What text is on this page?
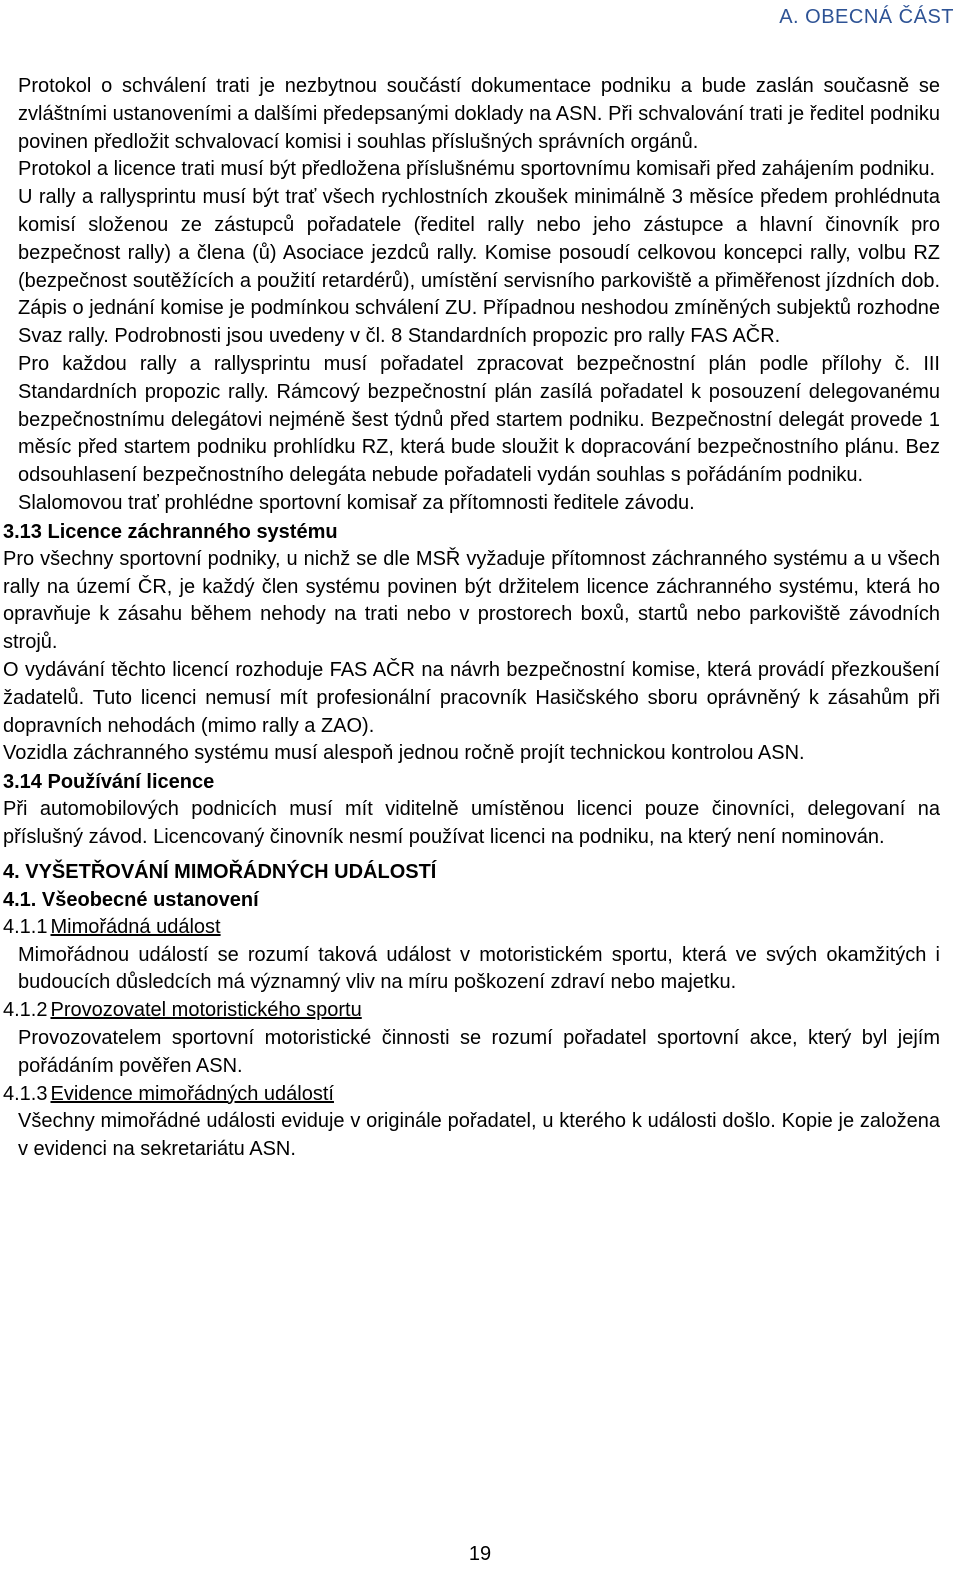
A. OBECNÁ ČÁST

Protokol o schválení trati je nezbytnou součástí dokumentace podniku a bude zaslán současně se zvláštními ustanoveními a dalšími předepsanými doklady na ASN. Při schvalování trati je ředitel podniku povinen předložit schvalovací komisi i souhlas příslušných správních orgánů.

Protokol a licence trati musí být předložena příslušnému sportovnímu komisaři před zahájením podniku.

U rally a rallysprintu musí být trať všech rychlostních zkoušek minimálně 3 měsíce předem prohlédnuta komisí složenou ze zástupců pořadatele (ředitel rally nebo jeho zástupce a hlavní činovník pro bezpečnost rally) a člena (ů) Asociace jezdců rally. Komise posoudí celkovou koncepci rally, volbu RZ (bezpečnost soutěžících a použití retardérů), umístění servisního parkoviště a přiměřenost jízdních dob. Zápis o jednání komise je podmínkou schválení ZU. Případnou neshodou zmíněných subjektů rozhodne Svaz rally. Podrobnosti jsou uvedeny v čl. 8 Standardních propozic pro rally FAS AČR.

Pro každou rally a rallysprintu musí pořadatel zpracovat bezpečnostní plán podle přílohy č. III Standardních propozic rally. Rámcový bezpečnostní plán zasílá pořadatel k posouzení delegovanému bezpečnostnímu delegátovi nejméně šest týdnů před startem podniku. Bezpečnostní delegát provede 1 měsíc před startem podniku prohlídku RZ, která bude sloužit k dopracování bezpečnostního plánu. Bez odsouhlasení bezpečnostního delegáta nebude pořadateli vydán souhlas s pořádáním podniku.

Slalomovou trať prohlédne sportovní komisař za přítomnosti ředitele závodu.

3.13 Licence záchranného systému

Pro všechny sportovní podniky, u nichž se dle MSŘ vyžaduje přítomnost záchranného systému a u všech rally na území ČR, je každý člen systému povinen být držitelem licence záchranného systému, která ho opravňuje k zásahu během nehody na trati nebo v prostorech boxů, startů nebo parkoviště závodních strojů.

O vydávání těchto licencí rozhoduje FAS AČR na návrh bezpečnostní komise, která provádí přezkoušení žadatelů. Tuto licenci nemusí mít profesionální pracovník Hasičského sboru oprávněný k zásahům při dopravních nehodách (mimo rally a ZAO).

Vozidla záchranného systému musí alespoň jednou ročně projít technickou kontrolou ASN.

3.14 Používání licence

Při automobilových podnicích musí mít viditelně umístěnou licenci pouze činovníci, delegovaní na příslušný závod. Licencovaný činovník nesmí používat licenci na podniku, na který není nominován.

4. VYŠETŘOVÁNÍ MIMOŘÁDNÝCH UDÁLOSTÍ
4.1. Všeobecné ustanovení
4.1.1 Mimořádná událost

Mimořádnou událostí se rozumí taková událost v motoristickém sportu, která ve svých okamžitých i budoucích důsledcích má významný vliv na míru poškození zdraví nebo majetku.

4.1.2 Provozovatel motoristického sportu

Provozovatelem sportovní motoristické činnosti se rozumí pořadatel sportovní akce, který byl jejím pořádáním pověřen ASN.

4.1.3 Evidence mimořádných událostí

Všechny mimořádné události eviduje v originále pořadatel, u kterého k události došlo. Kopie je založena v evidenci na sekretariátu ASN.

19
